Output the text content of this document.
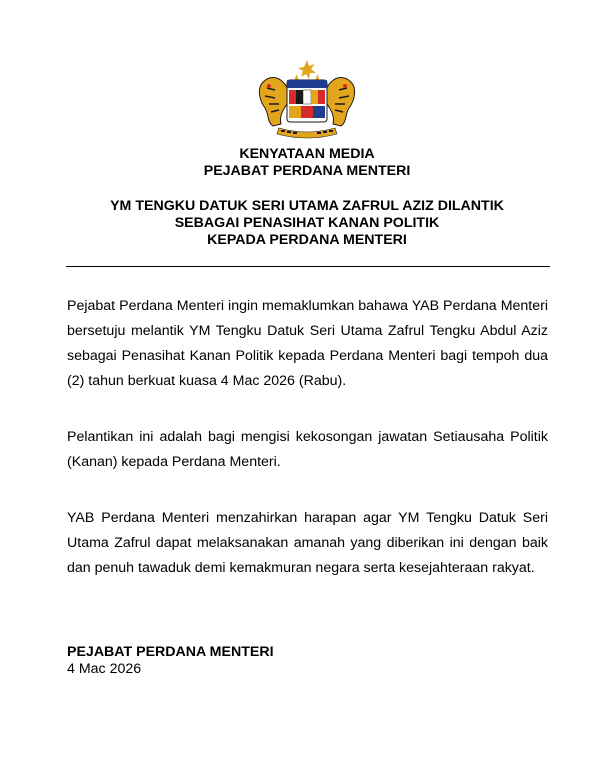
KENYATAAN MEDIA
PEJABAT PERDANA MENTERI
YM TENGKU DATUK SERI UTAMA ZAFRUL AZIZ DILANTIK
SEBAGAI PENASIHAT KANAN POLITIK
KEPADA PERDANA MENTERI

Pejabat Perdana Menteri ingin memaklumkan bahawa YAB Perdana Menteri bersetuju melantik YM Tengku Datuk Seri Utama Zafrul Tengku Abdul Aziz sebagai Penasihat Kanan Politik kepada Perdana Menteri bagi tempoh dua (2) tahun berkuat kuasa 4 Mac 2026 (Rabu).

Pelantikan ini adalah bagi mengisi kekosongan jawatan Setiausaha Politik (Kanan) kepada Perdana Menteri.

YAB Perdana Menteri menzahirkan harapan agar YM Tengku Datuk Seri Utama Zafrul dapat melaksanakan amanah yang diberikan ini dengan baik dan penuh tawaduk demi kemakmuran negara serta kesejahteraan rakyat.

PEJABAT PERDANA MENTERI
4 Mac 2026
